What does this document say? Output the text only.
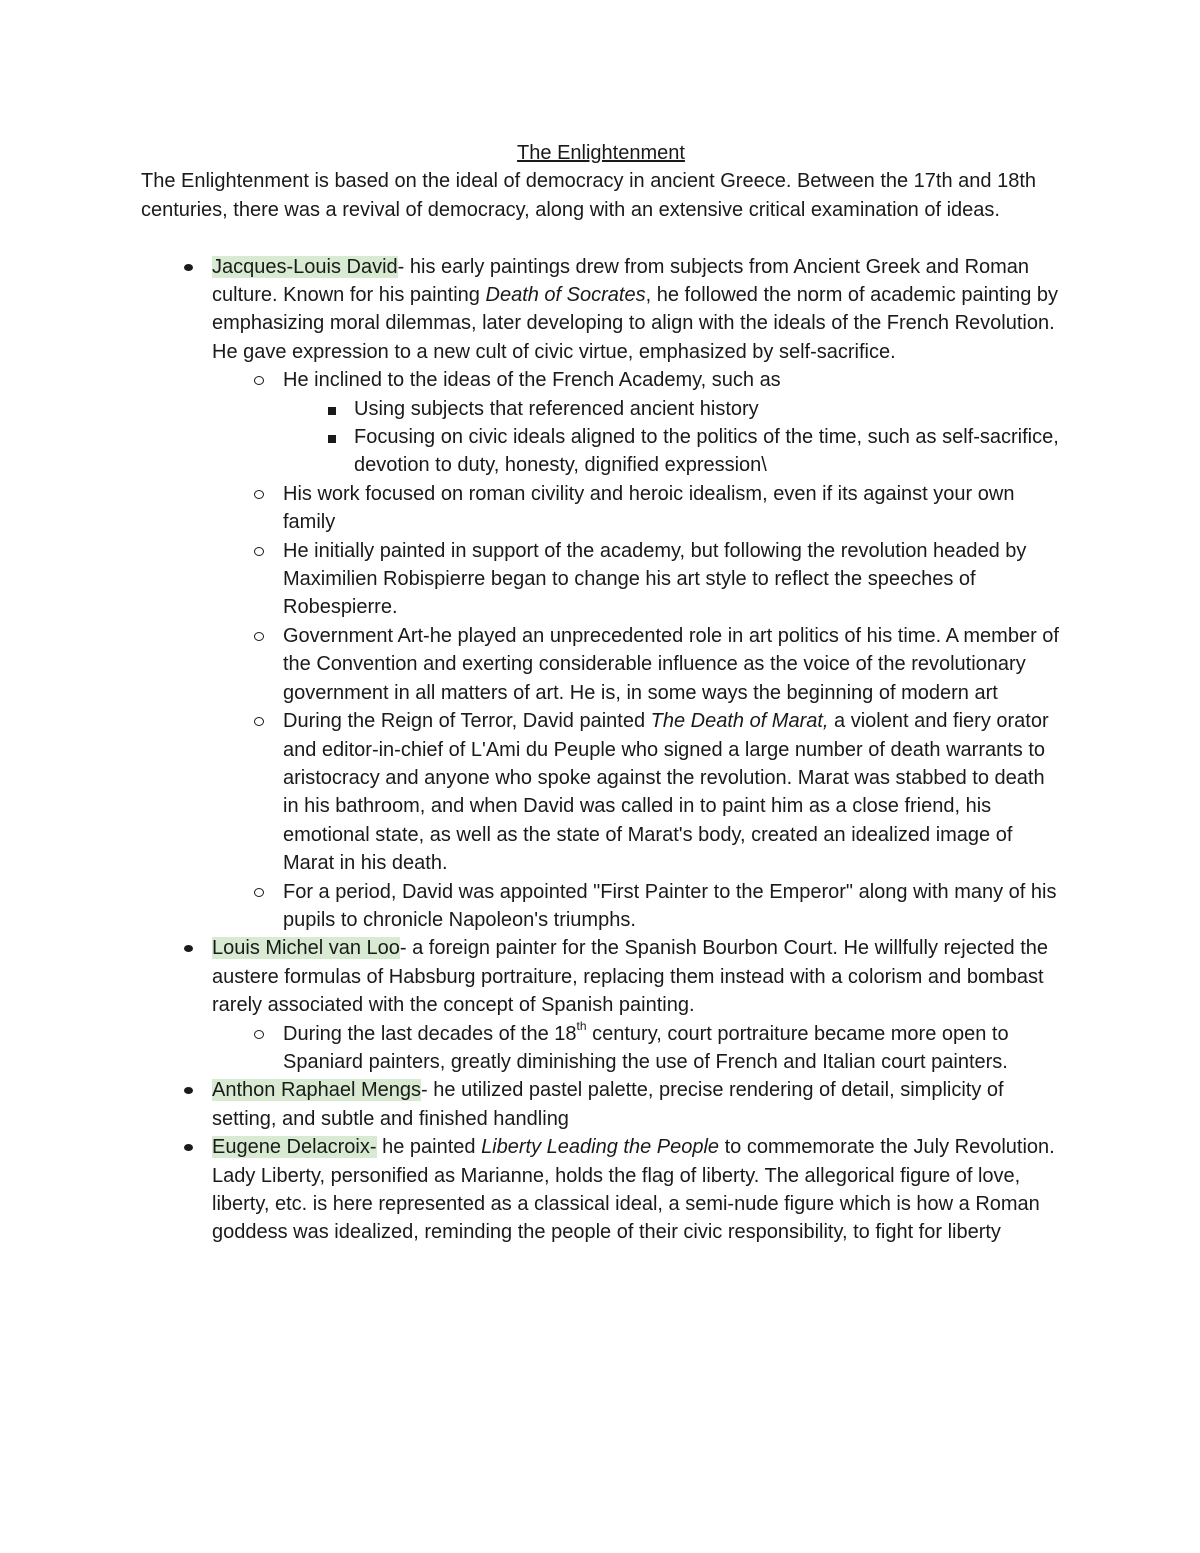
The Enlightenment

The Enlightenment is based on the ideal of democracy in ancient Greece. Between the 17th and 18th centuries, there was a revival of democracy, along with an extensive critical examination of ideas.

Jacques-Louis David- his early paintings drew from subjects from Ancient Greek and Roman culture. Known for his painting Death of Socrates, he followed the norm of academic painting by emphasizing moral dilemmas, later developing to align with the ideals of the French Revolution. He gave expression to a new cult of civic virtue, emphasized by self-sacrifice.
He inclined to the ideas of the French Academy, such as
Using subjects that referenced ancient history
Focusing on civic ideals aligned to the politics of the time, such as self-sacrifice, devotion to duty, honesty, dignified expression\
His work focused on roman civility and heroic idealism, even if its against your own family
He initially painted in support of the academy, but following the revolution headed by Maximilien Robispierre began to change his art style to reflect the speeches of Robespierre.
Government Art-he played an unprecedented role in art politics of his time. A member of the Convention and exerting considerable influence as the voice of the revolutionary government in all matters of art. He is, in some ways the beginning of modern art
During the Reign of Terror, David painted The Death of Marat, a violent and fiery orator and editor-in-chief of L'Ami du Peuple who signed a large number of death warrants to aristocracy and anyone who spoke against the revolution. Marat was stabbed to death in his bathroom, and when David was called in to paint him as a close friend, his emotional state, as well as the state of Marat's body, created an idealized image of Marat in his death.
For a period, David was appointed "First Painter to the Emperor" along with many of his pupils to chronicle Napoleon's triumphs.
Louis Michel van Loo- a foreign painter for the Spanish Bourbon Court. He willfully rejected the austere formulas of Habsburg portraiture, replacing them instead with a colorism and bombast rarely associated with the concept of Spanish painting.
During the last decades of the 18th century, court portraiture became more open to Spaniard painters, greatly diminishing the use of French and Italian court painters.
Anthon Raphael Mengs- he utilized pastel palette, precise rendering of detail, simplicity of setting, and subtle and finished handling
Eugene Delacroix- he painted Liberty Leading the People to commemorate the July Revolution. Lady Liberty, personified as Marianne, holds the flag of liberty. The allegorical figure of love, liberty, etc. is here represented as a classical ideal, a semi-nude figure which is how a Roman goddess was idealized, reminding the people of their civic responsibility, to fight for liberty
